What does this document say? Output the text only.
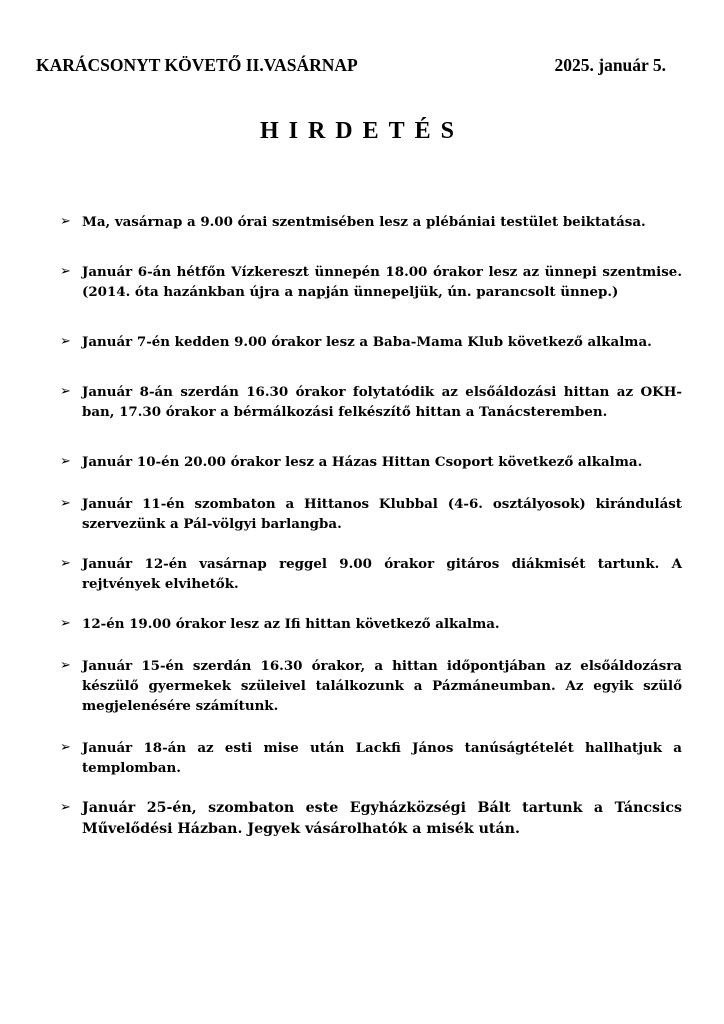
KARÁCSONYT KÖVETŐ II.VASÁRNAP	2025. január 5.
HIRDETÉS
➢ Ma, vasárnap a 9.00 órai szentmisében lesz a plébániai testület beiktatása.
➢ Január 6-án hétfőn Vízkereszt ünnepén 18.00 órakor lesz az ünnepi szentmise. (2014. óta hazánkban újra a napján ünnepeljük, ún. parancsolt ünnep.)
➢ Január 7-én kedden 9.00 órakor lesz a Baba-Mama Klub következő alkalma.
➢ Január 8-án szerdán 16.30 órakor folytatódik az elsőáldozási hittan az OKH-ban, 17.30 órakor a bérmálkozási felkészítő hittan a Tanácsteremben.
➢ Január 10-én 20.00 órakor lesz a Házas Hittan Csoport következő alkalma.
➢ Január 11-én szombaton a Hittanos Klubbal (4-6. osztályosok) kirándulást szervezünk a Pál-völgyi barlangba.
➢ Január 12-én vasárnap reggel 9.00 órakor gitáros diákmisét tartunk. A rejtvények elvihetők.
➢ 12-én 19.00 órakor lesz az Ifi hittan következő alkalma.
➢ Január 15-én szerdán 16.30 órakor, a hittan időpontjában az elsőáldozásra készülő gyermekek szüleivel találkozunk a Pázmáneumban. Az egyik szülő megjelenésére számítunk.
➢ Január 18-án az esti mise után Lackfi János tanúságtételét hallhatjuk a templomban.
➢ Január 25-én, szombaton este Egyházközségi Bált tartunk a Táncsics Művelődési Házban. Jegyek vásárolhatók a misék után.
